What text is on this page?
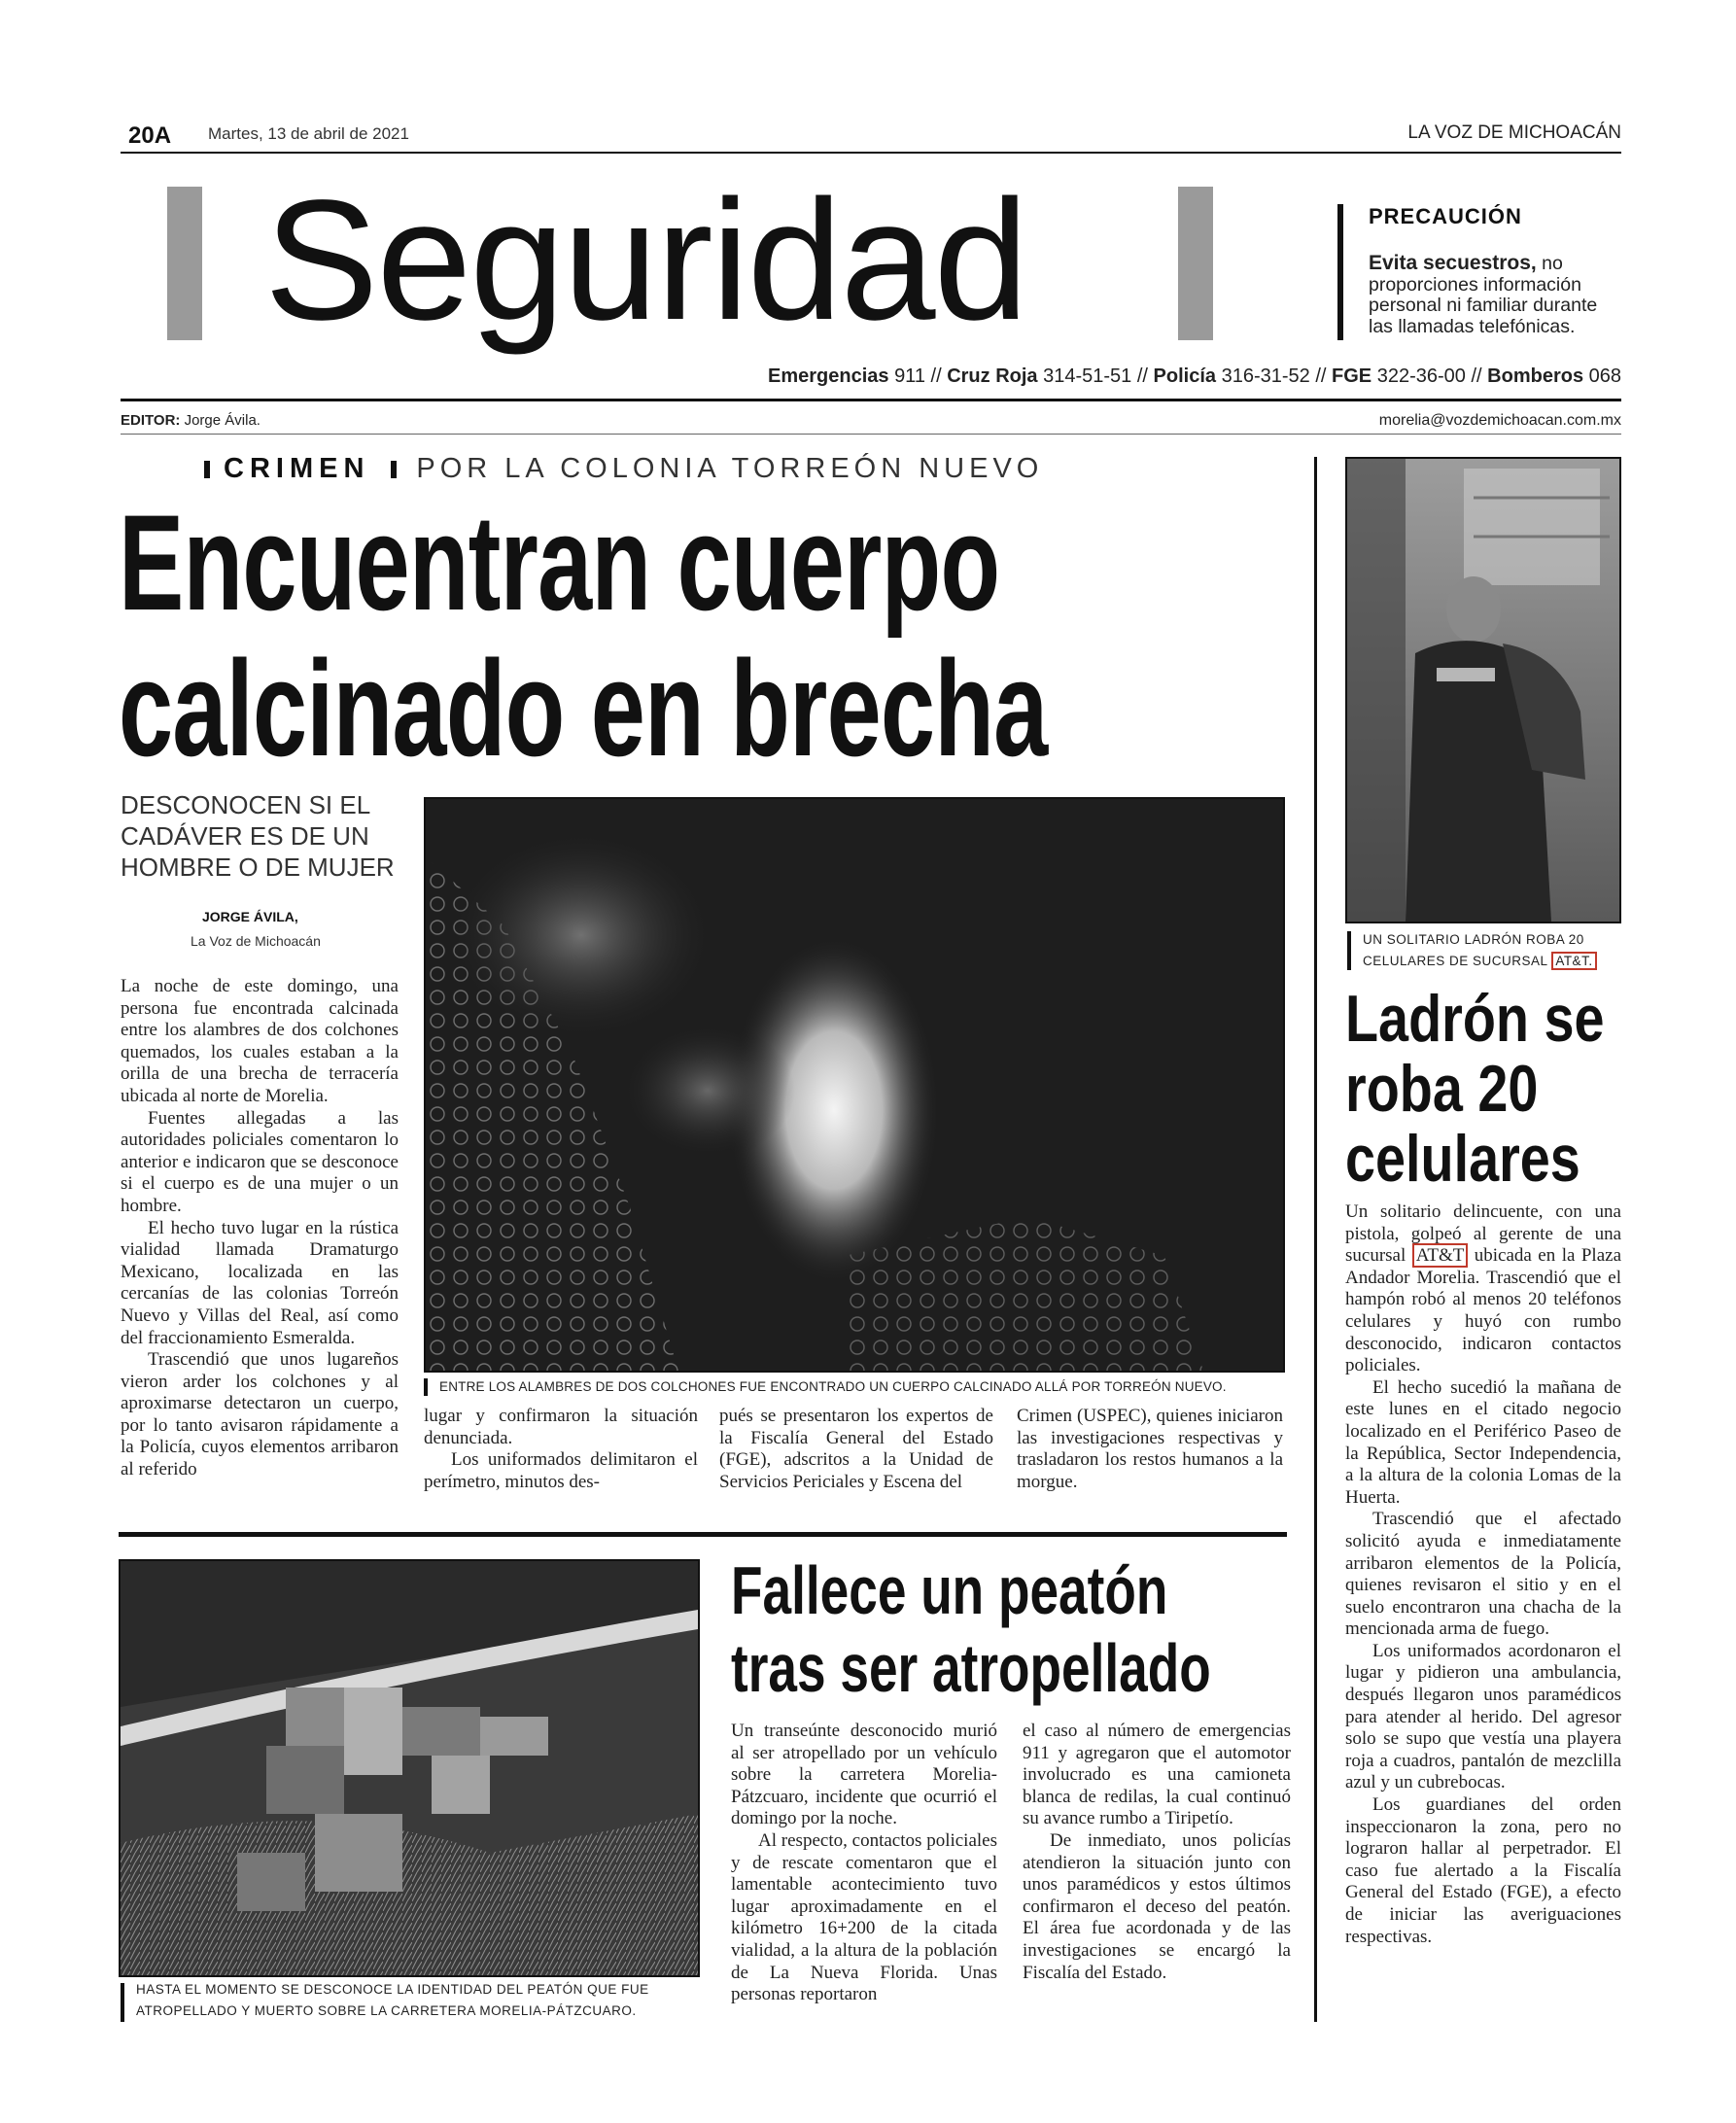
20A Martes, 13 de abril de 2021	LA VOZ DE MICHOACÁN
Seguridad	PRECAUCIÓN
Evita secuestros, no proporciones información personal ni familiar durante las llamadas telefónicas.
Emergencias 911 // Cruz Roja 314-51-51 // Policía 316-31-52 // FGE 322-36-00 // Bomberos 068
EDITOR: Jorge Ávila.	morelia@vozdemichoacan.com.mx
CRIMEN POR LA COLONIA TORREÓN NUEVO
Encuentran cuerpo
calcinado en brecha
DESCONOCEN SI EL CADÁVER ES DE UN HOMBRE O DE MUJER
JORGE ÁVILA,
La Voz de Michoacán
ENTRE LOS ALAMBRES DE DOS COLCHONES FUE ENCONTRADO UN CUERPO CALCINADO ALLÁ POR TORREÓN NUEVO.

La noche de este domingo, una persona fue encontrada calcinada entre los alambres de dos colchones quemados, los cuales estaban a la orilla de una brecha de terracería ubicada al norte de Morelia.

Fuentes allegadas a las autoridades policiales comentaron lo anterior e indicaron que se desconoce si el cuerpo es de una mujer o un hombre.

El hecho tuvo lugar en la rústica vialidad llamada Dramaturgo Mexicano, localizada en las cercanías de las colonias Torreón Nuevo y Villas del Real, así como del fraccionamiento Esmeralda.

Trascendió que unos lugareños vieron arder los colchones y al aproximarse detectaron un cuerpo, por lo tanto avisaron rápidamente a la Policía, cuyos elementos arribaron al referido

lugar y confirmaron la situación denunciada.

Los uniformados delimitaron el perímetro, minutos des-

pués se presentaron los expertos de la Fiscalía General del Estado (FGE), adscritos a la Unidad de Servicios Periciales y Escena del

Crimen (USPEC), quienes iniciaron las investigaciones respectivas y trasladaron los restos humanos a la morgue.

UN SOLITARIO LADRÓN ROBA 20 CELULARES DE SUCURSAL AT&T.
Ladrón se
roba 20
celulares

Un solitario delincuente, con una pistola, golpeó al gerente de una sucursal AT&T ubicada en la Plaza Andador Morelia. Trascendió que el hampón robó al menos 20 teléfonos celulares y huyó con rumbo desconocido, indicaron contactos policiales.

El hecho sucedió la mañana de este lunes en el citado negocio localizado en el Periférico Paseo de la República, Sector Independencia, a la altura de la colonia Lomas de la Huerta.

Trascendió que el afectado solicitó ayuda e inmediatamente arribaron elementos de la Policía, quienes revisaron el sitio y en el suelo encontraron una chacha de la mencionada arma de fuego.

Los uniformados acordonaron el lugar y pidieron una ambulancia, después llegaron unos paramédicos para atender al herido. Del agresor solo se supo que vestía una playera roja a cuadros, pantalón de mezclilla azul y un cubrebocas.

Los guardianes del orden inspeccionaron la zona, pero no lograron hallar al perpetrador. El caso fue alertado a la Fiscalía General del Estado (FGE), a efecto de iniciar las averiguaciones respectivas.

HASTA EL MOMENTO SE DESCONOCE LA IDENTIDAD DEL PEATÓN QUE FUE ATROPELLADO Y MUERTO SOBRE LA CARRETERA MORELIA-PÁTZCUARO.
Fallece un peatón
tras ser atropellado

Un transeúnte desconocido murió al ser atropellado por un vehículo sobre la carretera Morelia-Pátzcuaro, incidente que ocurrió el domingo por la noche.

Al respecto, contactos policiales y de rescate comentaron que el lamentable acontecimiento tuvo lugar aproximadamente en el kilómetro 16+200 de la citada vialidad, a la altura de la población de La Nueva Florida. Unas personas reportaron

el caso al número de emergencias 911 y agregaron que el automotor involucrado es una camioneta blanca de redilas, la cual continuó su avance rumbo a Tiripetío.

De inmediato, unos policías atendieron la situación junto con unos paramédicos y estos últimos confirmaron el deceso del peatón. El área fue acordonada y de las investigaciones se encargó la Fiscalía del Estado.
